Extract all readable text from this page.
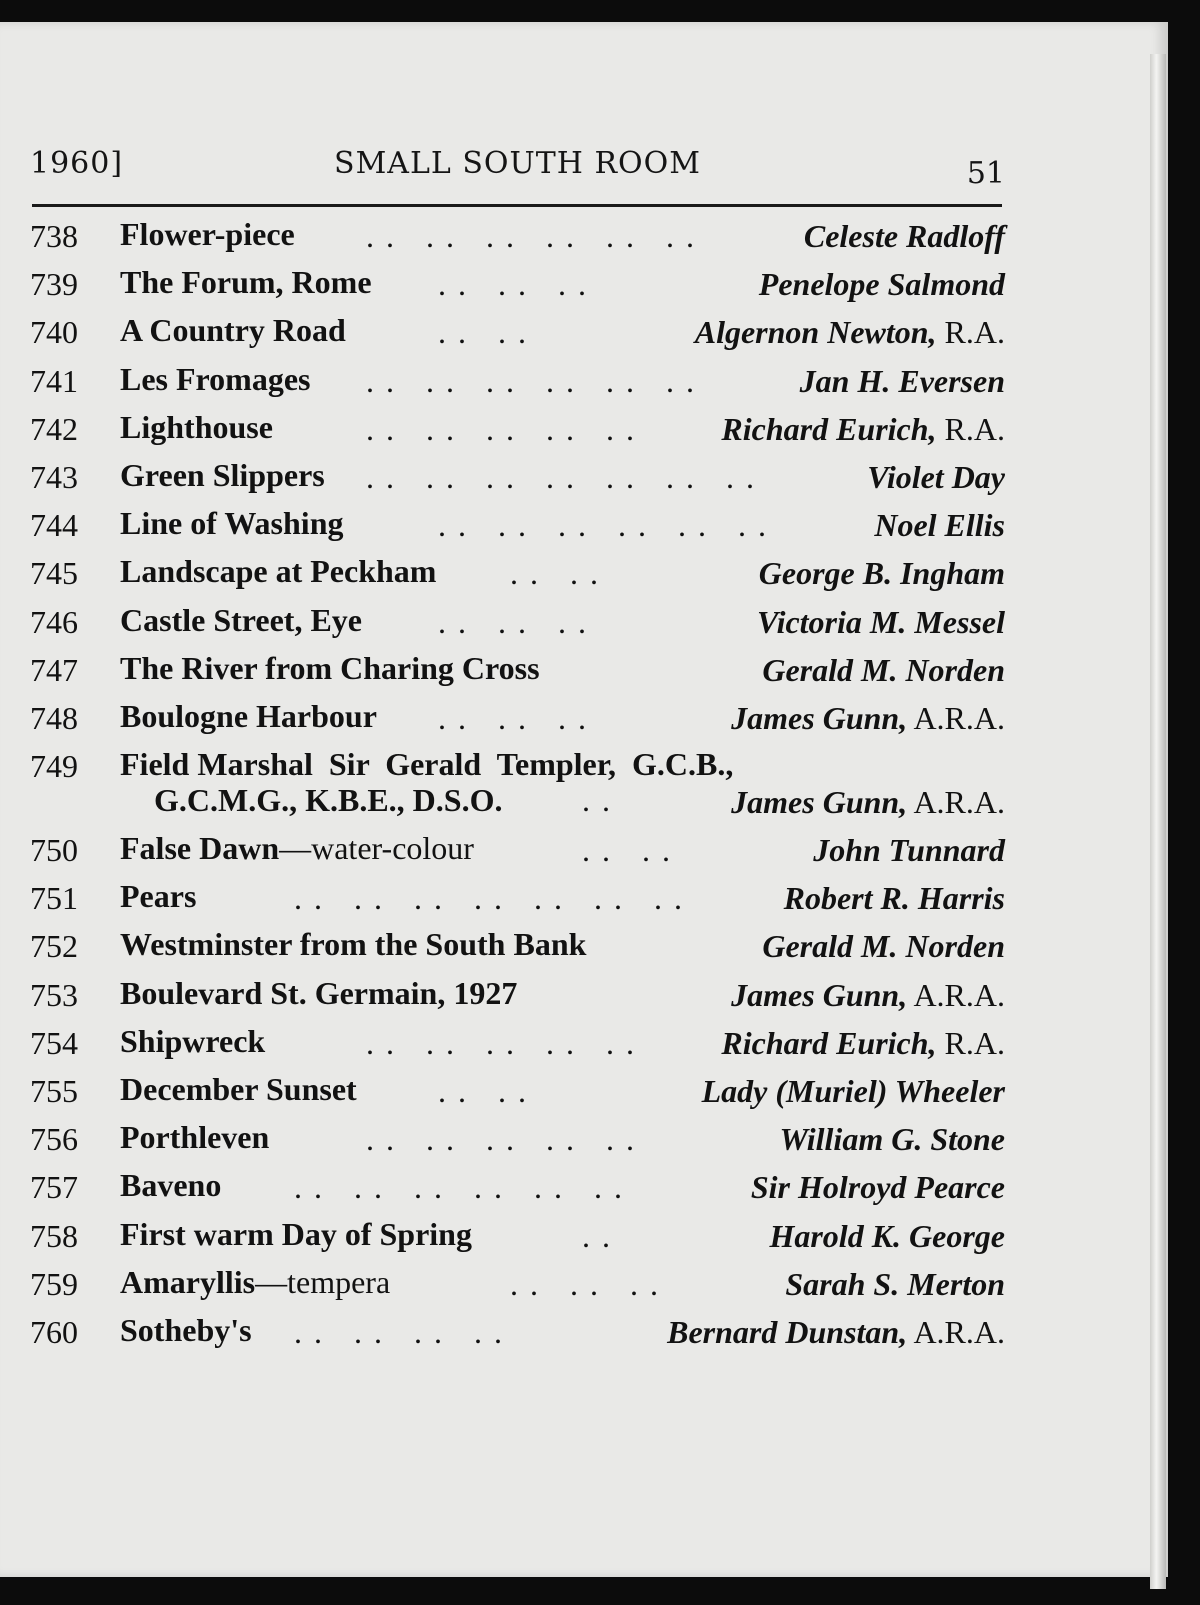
1960]	SMALL SOUTH ROOM	51
738 Flower-piece . .   . .   . .   . .   . .   . .	Celeste Radloff
739 The Forum, Rome . .   . .   . .	Penelope Salmond
740 A Country Road	. .   . .	Algernon Newton, R.A.
741 Les Fromages . .   . .   . .   . .   . .   . .	Jan H. Eversen
742 Lighthouse	. .   . .   . .   . .   . .	Richard Eurich, R.A.
743 Green Slippers . .   . .   . .   . .   . .   . .   . .	Violet Day
744 Line of Washing	. .   . .   . .   . .   . .   . .	Noel Ellis
745 Landscape at Peckham . .   . .	George B. Ingham
746 Castle Street, Eye . .   . .   . .	Victoria M. Messel
747 The River from Charing Cross	Gerald M. Norden
748 Boulogne Harbour . .   . .   . .	James Gunn, A.R.A.
749 Field Marshal  Sir  Gerald  Templer,  G.C.B.,
G.C.M.G., K.B.E., D.S.O. . .	James Gunn, A.R.A.
750 False Dawn—water-colour	. .   . .	John Tunnard
751 Pears	. .   . .   . .   . .   . .   . .   . .	Robert R. Harris
752 Westminster from the South Bank	Gerald M. Norden
753 Boulevard St. Germain, 1927	James Gunn, A.R.A.
754 Shipwreck	. .   . .   . .   . .   . .	Richard Eurich, R.A.
755 December Sunset	. .   . .	Lady (Muriel) Wheeler
756 Porthleven	. .   . .   . .   . .   . .	William G. Stone
757 Baveno . .   . .   . .   . .   . .   . .	Sir Holroyd Pearce
758 First warm Day of Spring	. .	Harold K. George
759 Amaryllis—tempera	. .   . .   . .	Sarah S. Merton
760 Sotheby's . .   . .   . .   . .	Bernard Dunstan, A.R.A.
